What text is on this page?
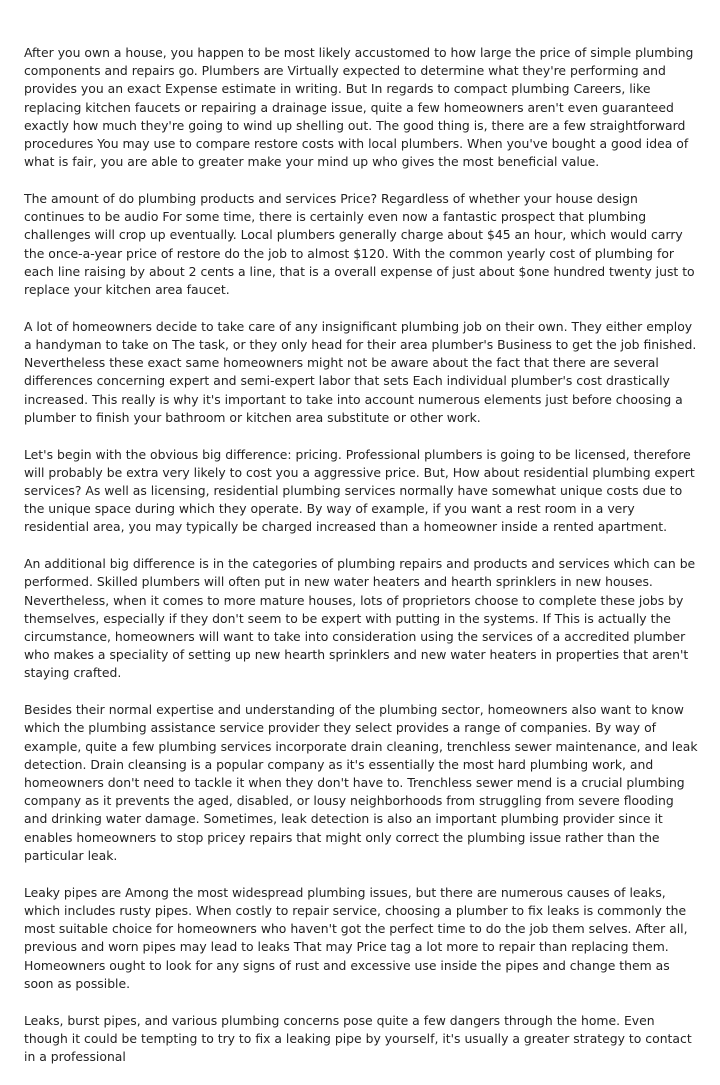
After you own a house, you happen to be most likely accustomed to how large the price of simple plumbing components and repairs go. Plumbers are Virtually expected to determine what they're performing and provides you an exact Expense estimate in writing. But In regards to compact plumbing Careers, like replacing kitchen faucets or repairing a drainage issue, quite a few homeowners aren't even guaranteed exactly how much they're going to wind up shelling out. The good thing is, there are a few straightforward procedures You may use to compare restore costs with local plumbers. When you've bought a good idea of what is fair, you are able to greater make your mind up who gives the most beneficial value.

The amount of do plumbing products and services Price? Regardless of whether your house design continues to be audio For some time, there is certainly even now a fantastic prospect that plumbing challenges will crop up eventually. Local plumbers generally charge about $45 an hour, which would carry the once-a-year price of restore do the job to almost $120. With the common yearly cost of plumbing for each line raising by about 2 cents a line, that is a overall expense of just about $one hundred twenty just to replace your kitchen area faucet.

A lot of homeowners decide to take care of any insignificant plumbing job on their own. They either employ a handyman to take on The task, or they only head for their area plumber's Business to get the job finished. Nevertheless these exact same homeowners might not be aware about the fact that there are several differences concerning expert and semi-expert labor that sets Each individual plumber's cost drastically increased. This really is why it's important to take into account numerous elements just before choosing a plumber to finish your bathroom or kitchen area substitute or other work.

Let's begin with the obvious big difference: pricing. Professional plumbers is going to be licensed, therefore will probably be extra very likely to cost you a aggressive price. But, How about residential plumbing expert services? As well as licensing, residential plumbing services normally have somewhat unique costs due to the unique space during which they operate. By way of example, if you want a rest room in a very residential area, you may typically be charged increased than a homeowner inside a rented apartment.

An additional big difference is in the categories of plumbing repairs and products and services which can be performed. Skilled plumbers will often put in new water heaters and hearth sprinklers in new houses. Nevertheless, when it comes to more mature houses, lots of proprietors choose to complete these jobs by themselves, especially if they don't seem to be expert with putting in the systems. If This is actually the circumstance, homeowners will want to take into consideration using the services of a accredited plumber who makes a speciality of setting up new hearth sprinklers and new water heaters in properties that aren't staying crafted.

Besides their normal expertise and understanding of the plumbing sector, homeowners also want to know which the plumbing assistance service provider they select provides a range of companies. By way of example, quite a few plumbing services incorporate drain cleaning, trenchless sewer maintenance, and leak detection. Drain cleansing is a popular company as it's essentially the most hard plumbing work, and homeowners don't need to tackle it when they don't have to. Trenchless sewer mend is a crucial plumbing company as it prevents the aged, disabled, or lousy neighborhoods from struggling from severe flooding and drinking water damage. Sometimes, leak detection is also an important plumbing provider since it enables homeowners to stop pricey repairs that might only correct the plumbing issue rather than the particular leak.

Leaky pipes are Among the most widespread plumbing issues, but there are numerous causes of leaks, which includes rusty pipes. When costly to repair service, choosing a plumber to fix leaks is commonly the most suitable choice for homeowners who haven't got the perfect time to do the job them selves. After all, previous and worn pipes may lead to leaks That may Price tag a lot more to repair than replacing them. Homeowners ought to look for any signs of rust and excessive use inside the pipes and change them as soon as possible.

Leaks, burst pipes, and various plumbing concerns pose quite a few dangers through the home. Even though it could be tempting to try to fix a leaking pipe by yourself, it's usually a greater strategy to contact in a professional
